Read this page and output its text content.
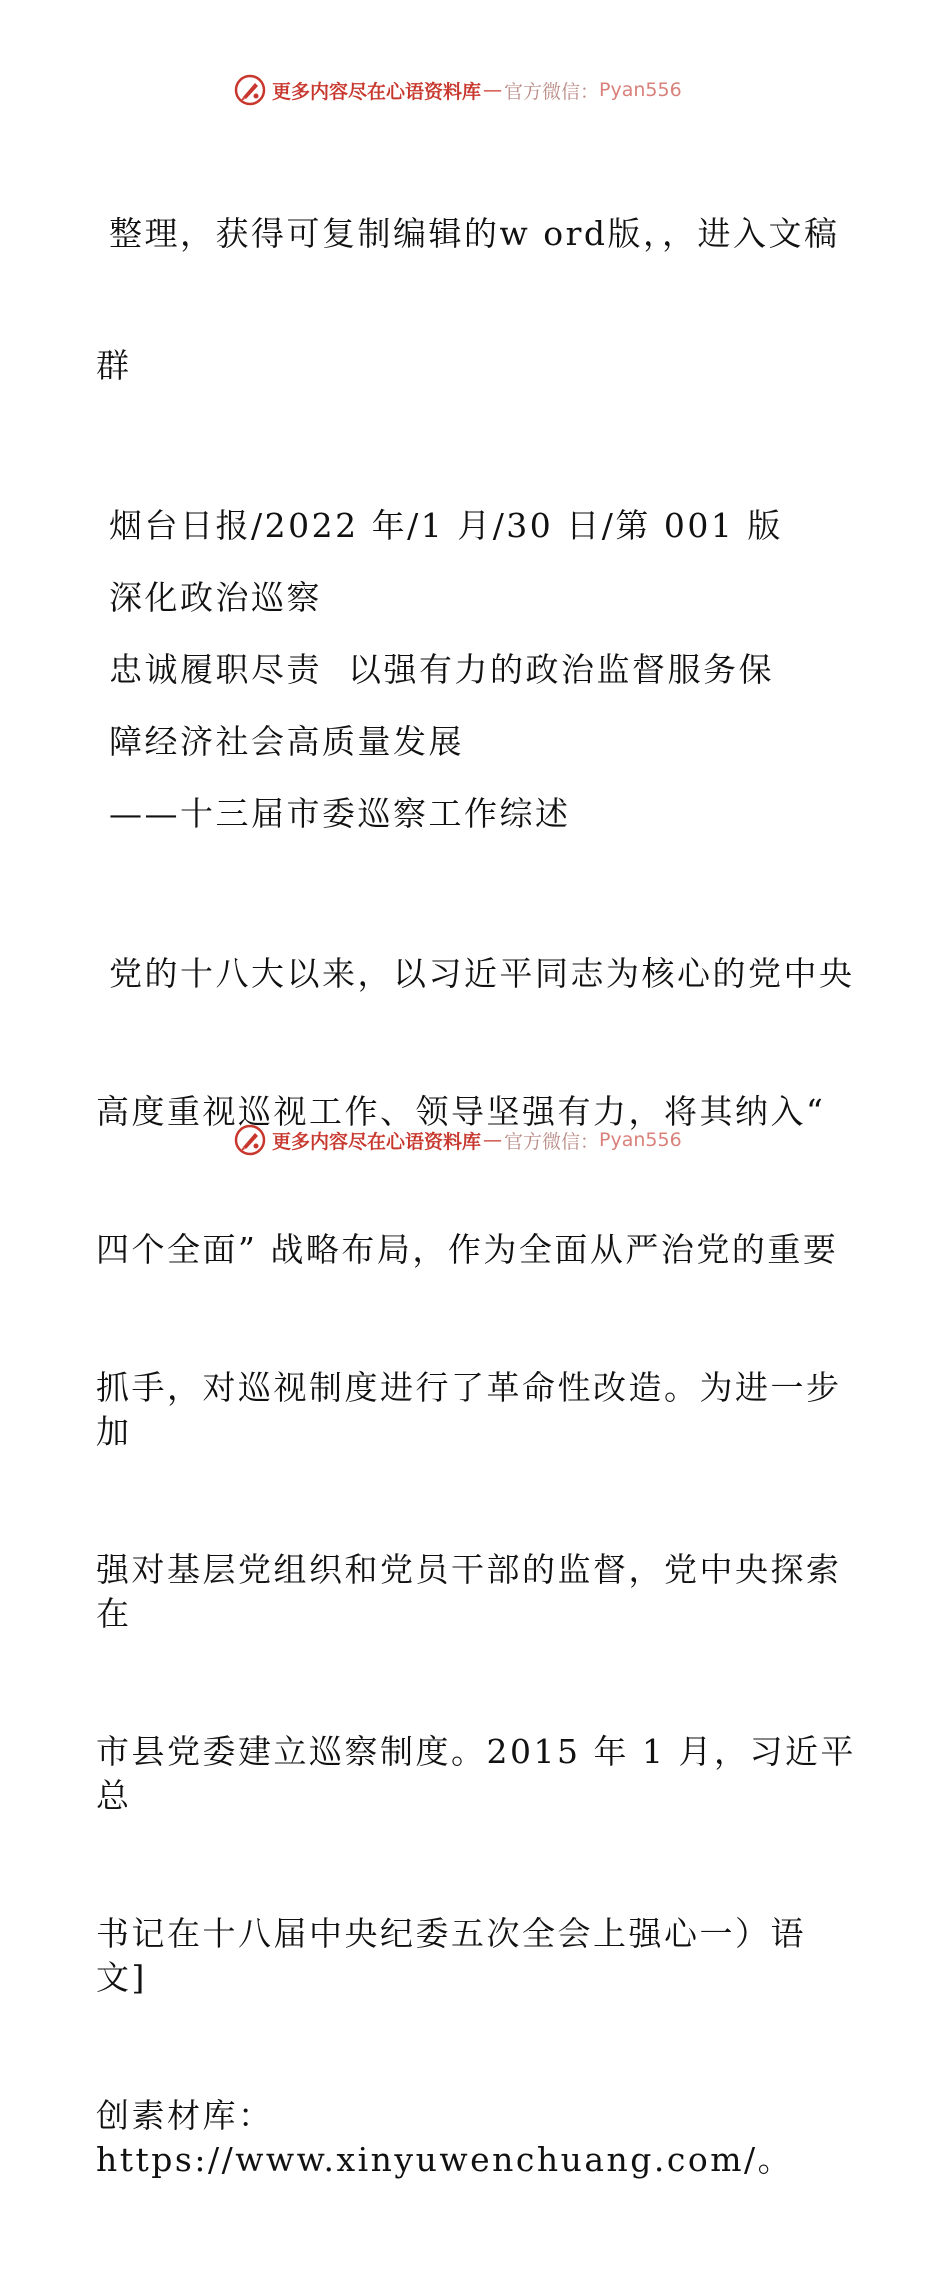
更多内容尽在心语资料库 — 官方微信： Pyan556

整理，获得可复制编辑的w ord版，，进入文稿

群

烟台日报/2022 年/1 月/30 日/第 001 版

深化政治巡察

忠诚履职尽责  以强有力的政治监督服务保

障经济社会高质量发展

——十三届市委巡察工作综述

党的十八大以来，以习近平同志为核心的党中央

高度重视巡视工作、领导坚强有力，将其纳入“

四个全面” 战略布局，作为全面从严治党的重要

抓手，对巡视制度进行了革命性改造。为进一步加

强对基层党组织和党员干部的监督，党中央探索在

市县党委建立巡察制度。2015 年 1 月，习近平总

书记在十八届中央纪委五次全会上强心一）语文]

创素材库：https://www.xinyuwenchuang.com/。

更多内容尽在心语资料库 — 官方微信： Pyan556
